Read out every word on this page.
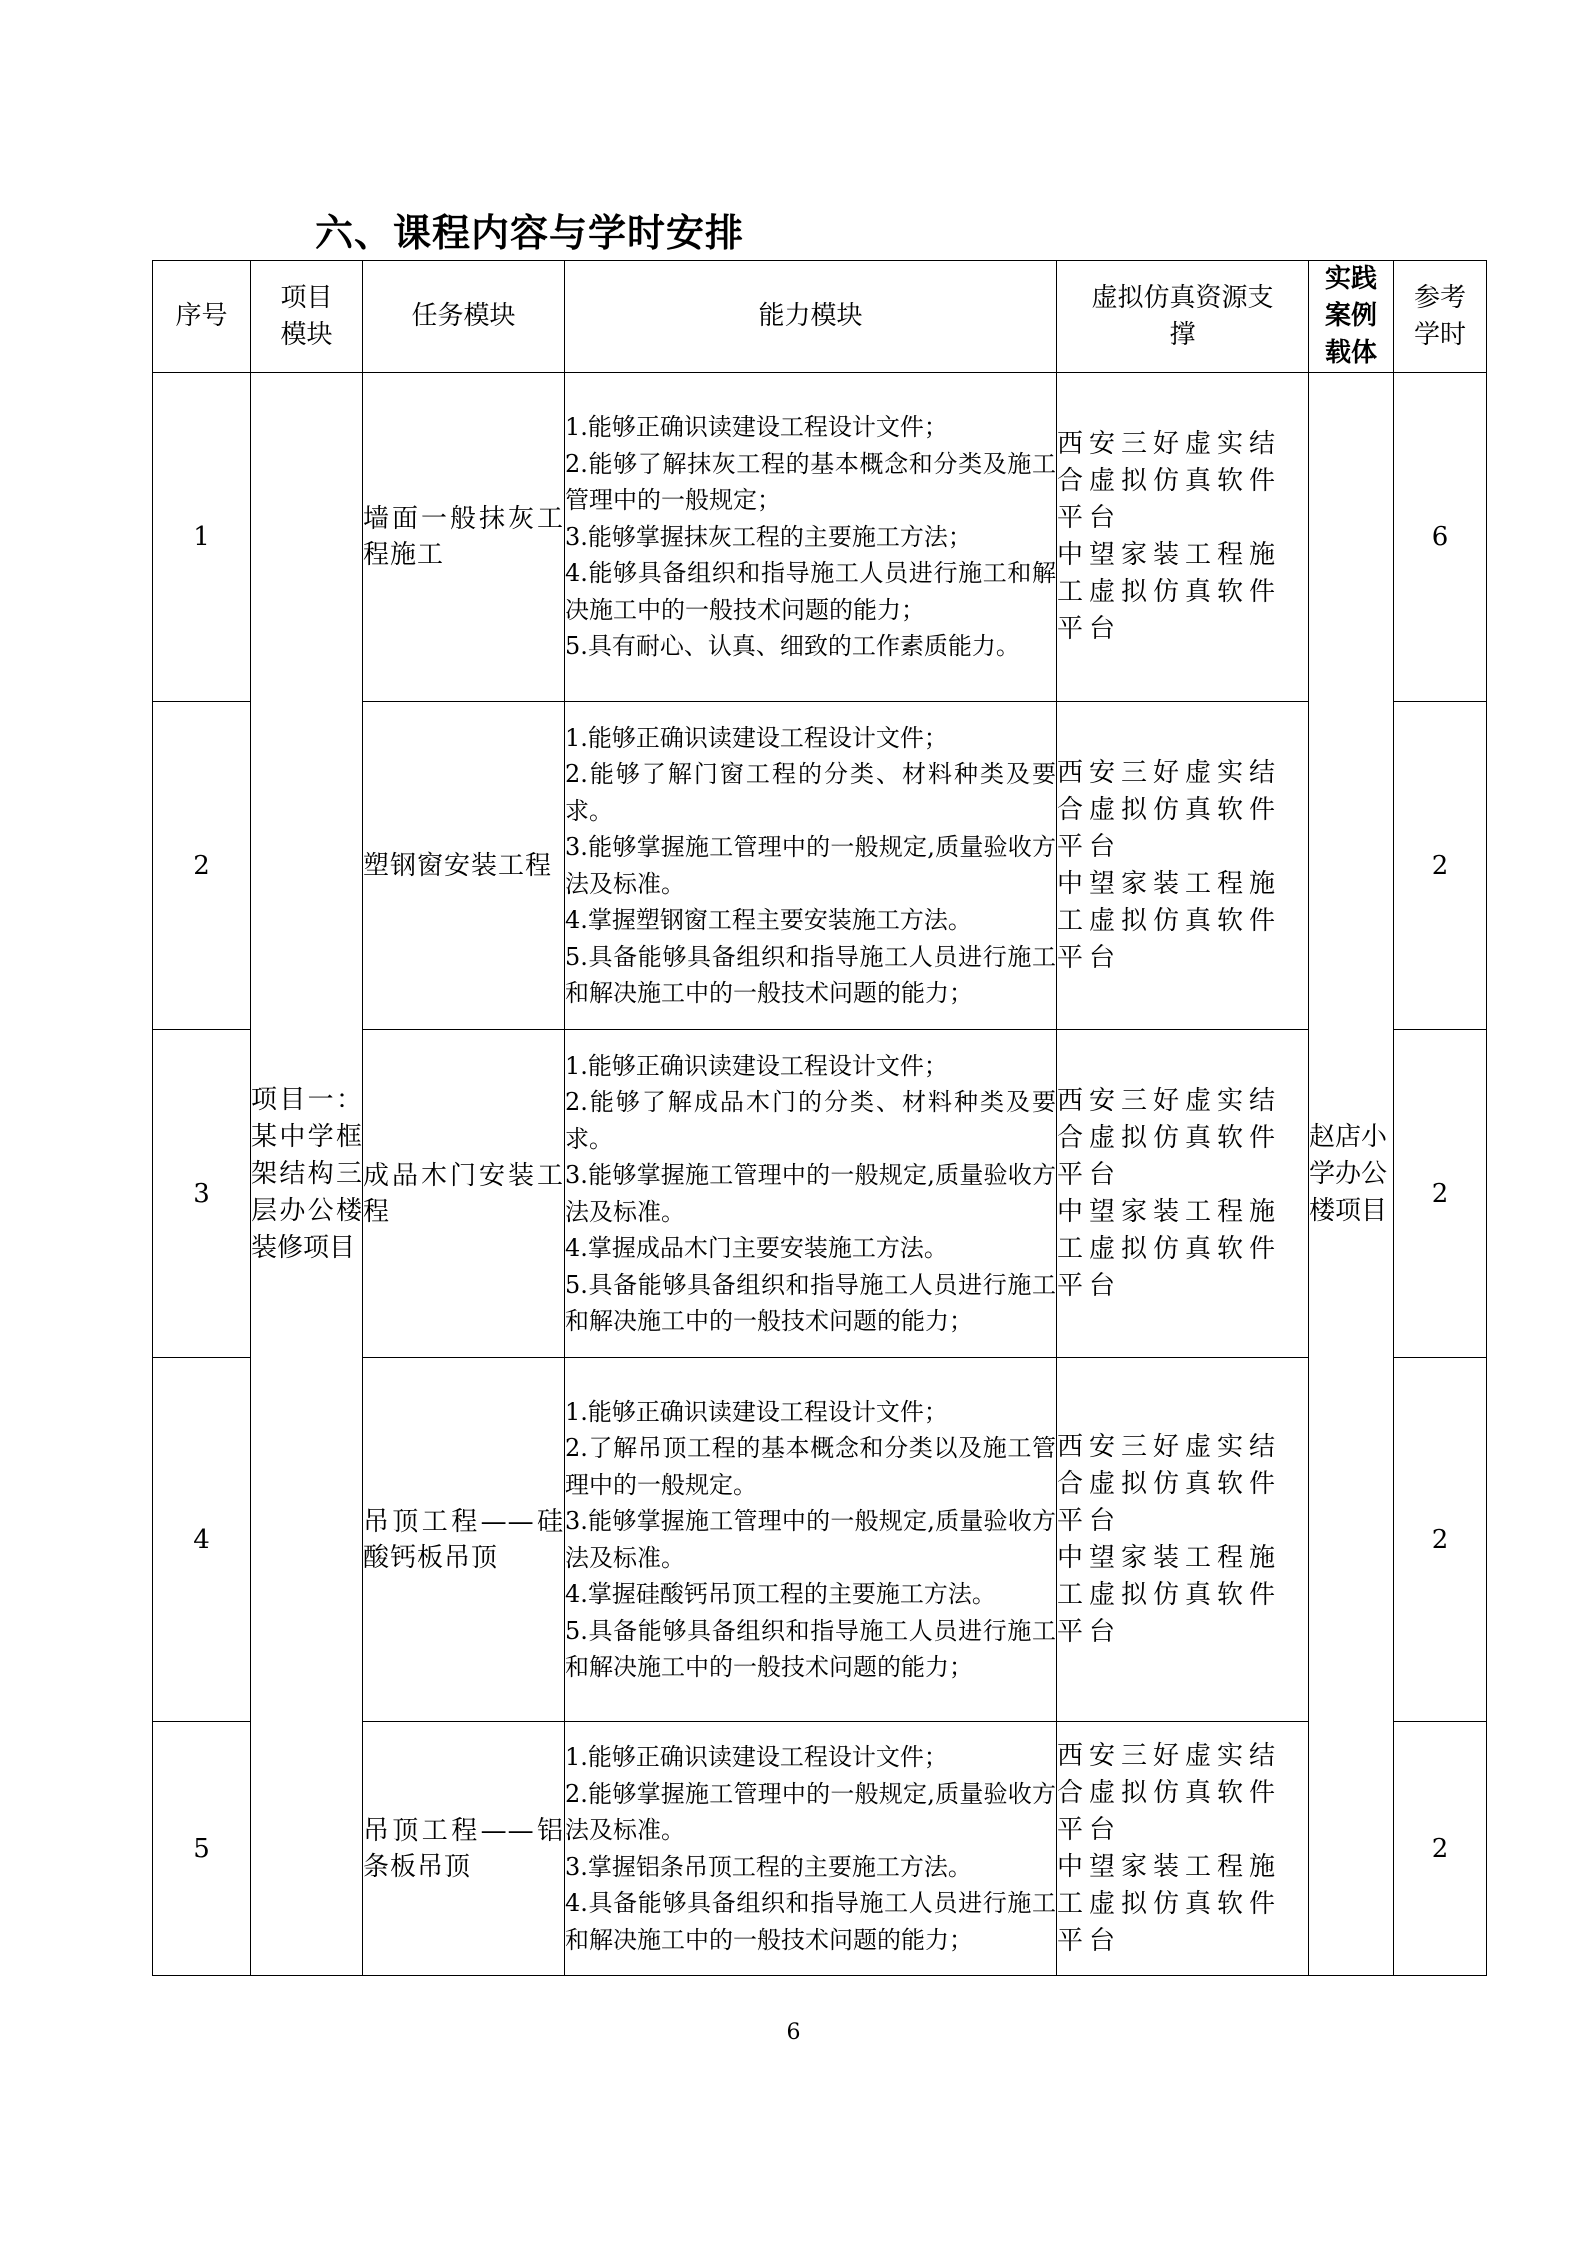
六、课程内容与学时安排
序号	项目模块	任务模块	能力模块	虚拟仿真资源支撑	实践案例载体	参考学时
1	项目一：某中学框架结构三层办公楼装修项目	墙面一般抹灰工程施工	1.能够正确识读建设工程设计文件；
2.能够了解抹灰工程的基本概念和分类及施工管理中的一般规定；
3.能够掌握抹灰工程的主要施工方法；
4.能够具备组织和指导施工人员进行施工和解决施工中的一般技术问题的能力；
5.具有耐心、认真、细致的工作素质能力。	西安三好虚实结合虚拟仿真软件平台
中望家装工程施工虚拟仿真软件平台	赵店小学办公楼项目	6
2		塑钢窗安装工程	1.能够正确识读建设工程设计文件；
2.能够了解门窗工程的分类、材料种类及要求。
3.能够掌握施工管理中的一般规定,质量验收方法及标准。
4.掌握塑钢窗工程主要安装施工方法。
5.具备能够具备组织和指导施工人员进行施工和解决施工中的一般技术问题的能力；	西安三好虚实结合虚拟仿真软件平台
中望家装工程施工虚拟仿真软件平台		2
3		成品木门安装工程	1.能够正确识读建设工程设计文件；
2.能够了解成品木门的分类、材料种类及要求。
3.能够掌握施工管理中的一般规定,质量验收方法及标准。
4.掌握成品木门主要安装施工方法。
5.具备能够具备组织和指导施工人员进行施工和解决施工中的一般技术问题的能力；	西安三好虚实结合虚拟仿真软件平台
中望家装工程施工虚拟仿真软件平台		2
4		吊顶工程——硅酸钙板吊顶	1.能够正确识读建设工程设计文件；
2.了解吊顶工程的基本概念和分类以及施工管理中的一般规定。
3.能够掌握施工管理中的一般规定,质量验收方法及标准。
4.掌握硅酸钙吊顶工程的主要施工方法。
5.具备能够具备组织和指导施工人员进行施工和解决施工中的一般技术问题的能力；	西安三好虚实结合虚拟仿真软件平台
中望家装工程施工虚拟仿真软件平台		2
5		吊顶工程——铝条板吊顶	1.能够正确识读建设工程设计文件；
2.能够掌握施工管理中的一般规定,质量验收方法及标准。
3.掌握铝条吊顶工程的主要施工方法。
4.具备能够具备组织和指导施工人员进行施工和解决施工中的一般技术问题的能力；	西安三好虚实结合虚拟仿真软件平台
中望家装工程施工虚拟仿真软件平台		2
6
